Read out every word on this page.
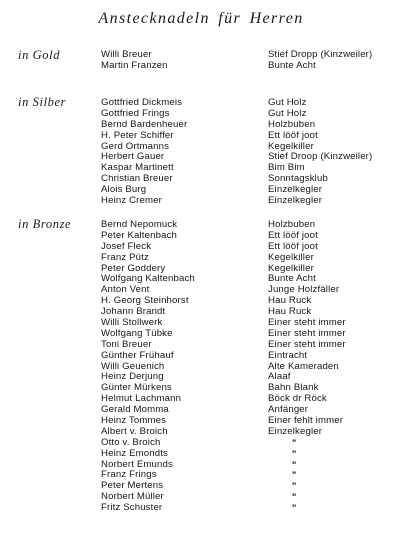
Anstecknadeln für Herren
in Gold	Willi Breuer	Stief Dropp (Kinzweiler)
Martin Franzen	Bunte Acht
in Silber	Gottfried Dickmeis	Gut Holz
Gottfried Frings	Gut Holz
Bernd Bardenheuer	Holzbuben
H. Peter Schiffer	Ett lööf joot
Gerd Ortmanns	Kegelkiller
Herbert Gauer	Stief Droop (Kinzweiler)
Kaspar Martinett	Bim Bim
Christian Breuer	Sonntagsklub
Alois Burg	Einzelkegler
Heinz Cremer	Einzelkegler
in Bronze	Bernd Nepomuck	Holzbuben
Peter Kaltenbach	Ett lööf joot
Josef Fleck	Ett lööf joot
Franz Pütz	Kegelkiller
Peter Goddery	Kegelkiller
Wolfgang Kaltenbach	Bunte Acht
Anton Vent	Junge Holzfäller
H. Georg Steinhorst	Hau Ruck
Johann Brandt	Hau Ruck
Willi Stollwerk	Einer steht immer
Wolfgang Tübke	Einer steht immer
Toni Breuer	Einer steht immer
Günther Frühauf	Eintracht
Willi Geuenich	Alte Kameraden
Heinz Derjung	Alaaf
Günter Mürkens	Bahn Blank
Helmut Lachmann	Böck dr Röck
Gerald Momma	Anfänger
Heinz Tommes	Einer fehlt immer
Albert v. Broich	Einzelkegler
Otto v. Broich	"
Heinz Emondts	"
Norbert Emunds	"
Franz Frings	"
Peter Mertens	"
Norbert Müller	"
Fritz Schuster	"
